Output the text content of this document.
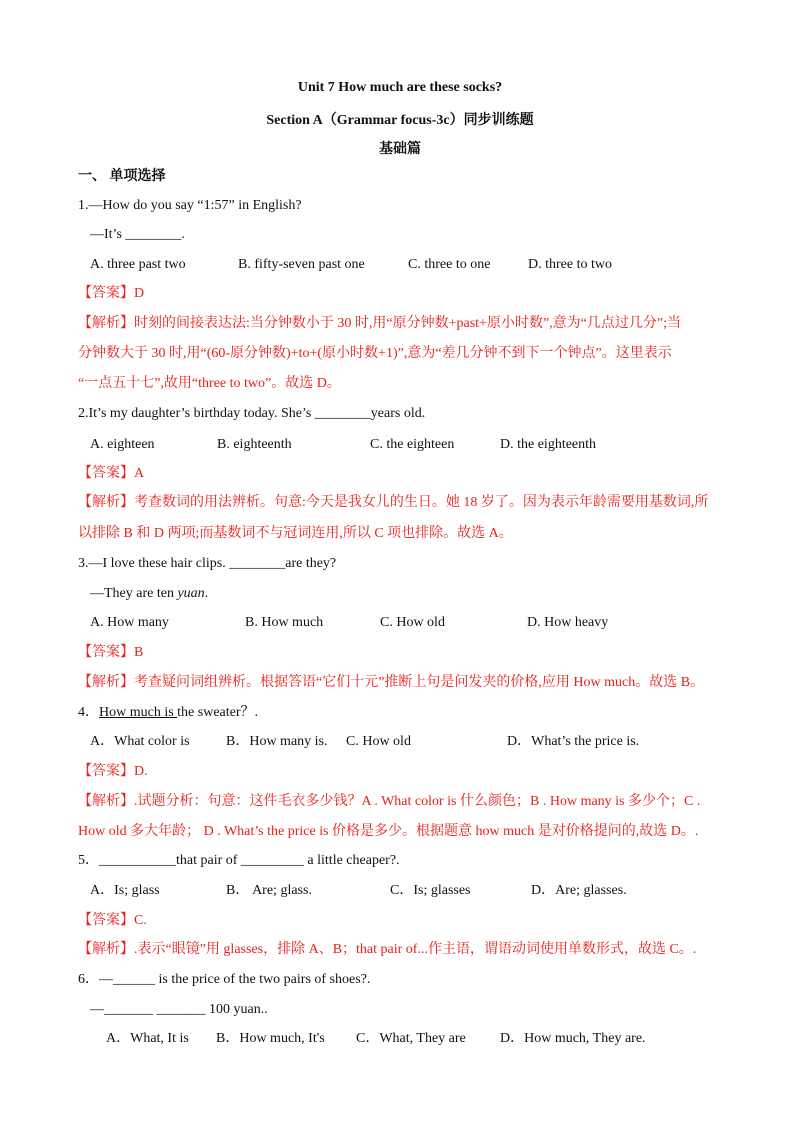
Unit 7 How much are these socks?
Section A（Grammar focus-3c）同步训练题
基础篇
一、 单项选择
1.—How do you say “1:57” in English?
—It’s ________.
A. three past two	B. fifty-seven past one	C. three to one	D. three to two
【答案】D
【解析】时刻的间接表达法:当分钟数小于 30 时,用“原分钟数+past+原小时数”,意为“几点过几分”;当
分钟数大于 30 时,用“(60-原分钟数)+to+(原小时数+1)”,意为“差几分钟不到下一个钟点”。这里表示
“一点五十七”,故用“three to two”。故选 D。
2.It’s my daughter’s birthday today. She’s ________years old.
A. eighteen	B. eighteenth	C. the eighteen	D. the eighteenth
【答案】A
【解析】考查数词的用法辨析。句意:今天是我女儿的生日。她 18 岁了。因为表示年龄需要用基数词,所
以排除 B 和 D 两项;而基数词不与冠词连用,所以 C 项也排除。故选 A。
3.—I love these hair clips. ________are they?
—They are ten yuan.
A. How many	B. How much	C. How old	D. How heavy
【答案】B
【解析】考查疑问词组辨析。根据答语“它们十元”推断上句是问发夹的价格,应用 How much。故选 B。
4．How much is the sweater？.
A．What color is	B．How many is. C. How old	D．What’s the price is.
【答案】D.
【解析】.试题分析：句意：这件毛衣多少钱？A . What color is 什么颜色；B . How many is 多少个；C .
How old 多大年龄； D . What’s the price is 价格是多少。根据题意 how much 是对价格提问的,故选 D。.
5．___________that pair of _________ a little cheaper?.
A．Is; glass	B． Are; glass.	C．Is; glasses	D．Are; glasses.
【答案】C.
【解析】.表示“眼镜”用 glasses，排除 A、B；that pair of...作主语，谓语动词使用单数形式，故选 C。.
6．—______ is the price of the two pairs of shoes?.
—_______ _______ 100 yuan..
A．What, It is B．How much, It's C．What, They are D．How much, They are.
